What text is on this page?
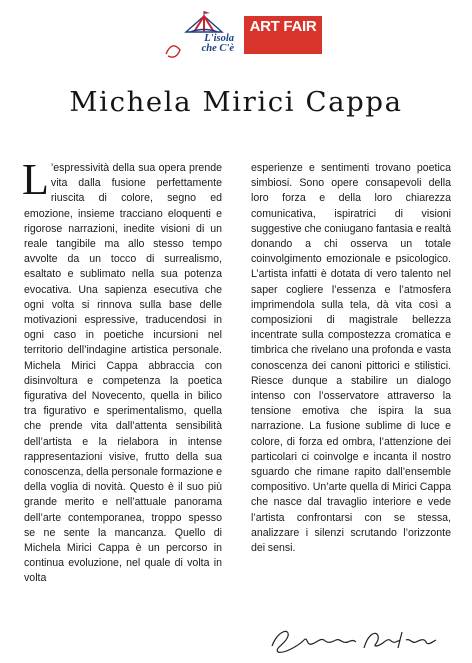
L'isola
che C'è
ART FAIR
Michela Mirici Cappa
L ’espressività della sua opera prende vita dalla fusione perfettamente riuscita di colore, segno ed emozione, insieme tracciano eloquenti e rigorose narrazioni, inedite visioni di un reale tangibile ma allo stesso tempo avvolte da un tocco di surrealismo, esaltato e sublimato nella sua potenza evocativa. Una sapienza esecutiva che ogni volta si rinnova sulla base delle motivazioni espressive, traducendosi in ogni caso in poetiche incursioni nel territorio dell’indagine artistica personale. Michela Mirici Cappa abbraccia con disinvoltura e competenza la poetica figurativa del Novecento, quella in bilico tra figurativo e sperimentalismo, quella che prende vita dall’attenta sensibilità dell’artista e la rielabora in intense rappresentazioni visive, frutto della sua conoscenza, della personale formazione e della voglia di novità. Questo è il suo più grande merito e nell’attuale panorama dell’arte contemporanea, troppo spesso se ne sente la mancanza. Quello di Michela Mirici Cappa è un percorso in continua evoluzione, nel quale di volta in volta
esperienze e sentimenti trovano poetica simbiosi. Sono opere consapevoli della loro forza e della loro chiarezza comunicativa, ispiratrici di visioni suggestive che coniugano fantasia e realtà donando a chi osserva un totale coinvolgimento emozionale e psicologico. L’artista infatti è dotata di vero talento nel saper cogliere l’essenza e l’atmosfera imprimendola sulla tela, dà vita così a composizioni di magistrale bellezza incentrate sulla compostezza cromatica e timbrica che rivelano una profonda e vasta conoscenza dei canoni pittorici e stilistici. Riesce dunque a stabilire un dialogo intenso con l’osservatore attraverso la tensione emotiva che ispira la sua narrazione. La fusione sublime di luce e colore, di forza ed ombra, l’attenzione dei particolari ci coinvolge e incanta il nostro sguardo che rimane rapito dall’ensemble compositivo. Un’arte quella di Mirici Cappa che nasce dal travaglio interiore e vede l’artista confrontarsi con se stessa, analizzare i silenzi scrutando l’orizzonte dei sensi.
